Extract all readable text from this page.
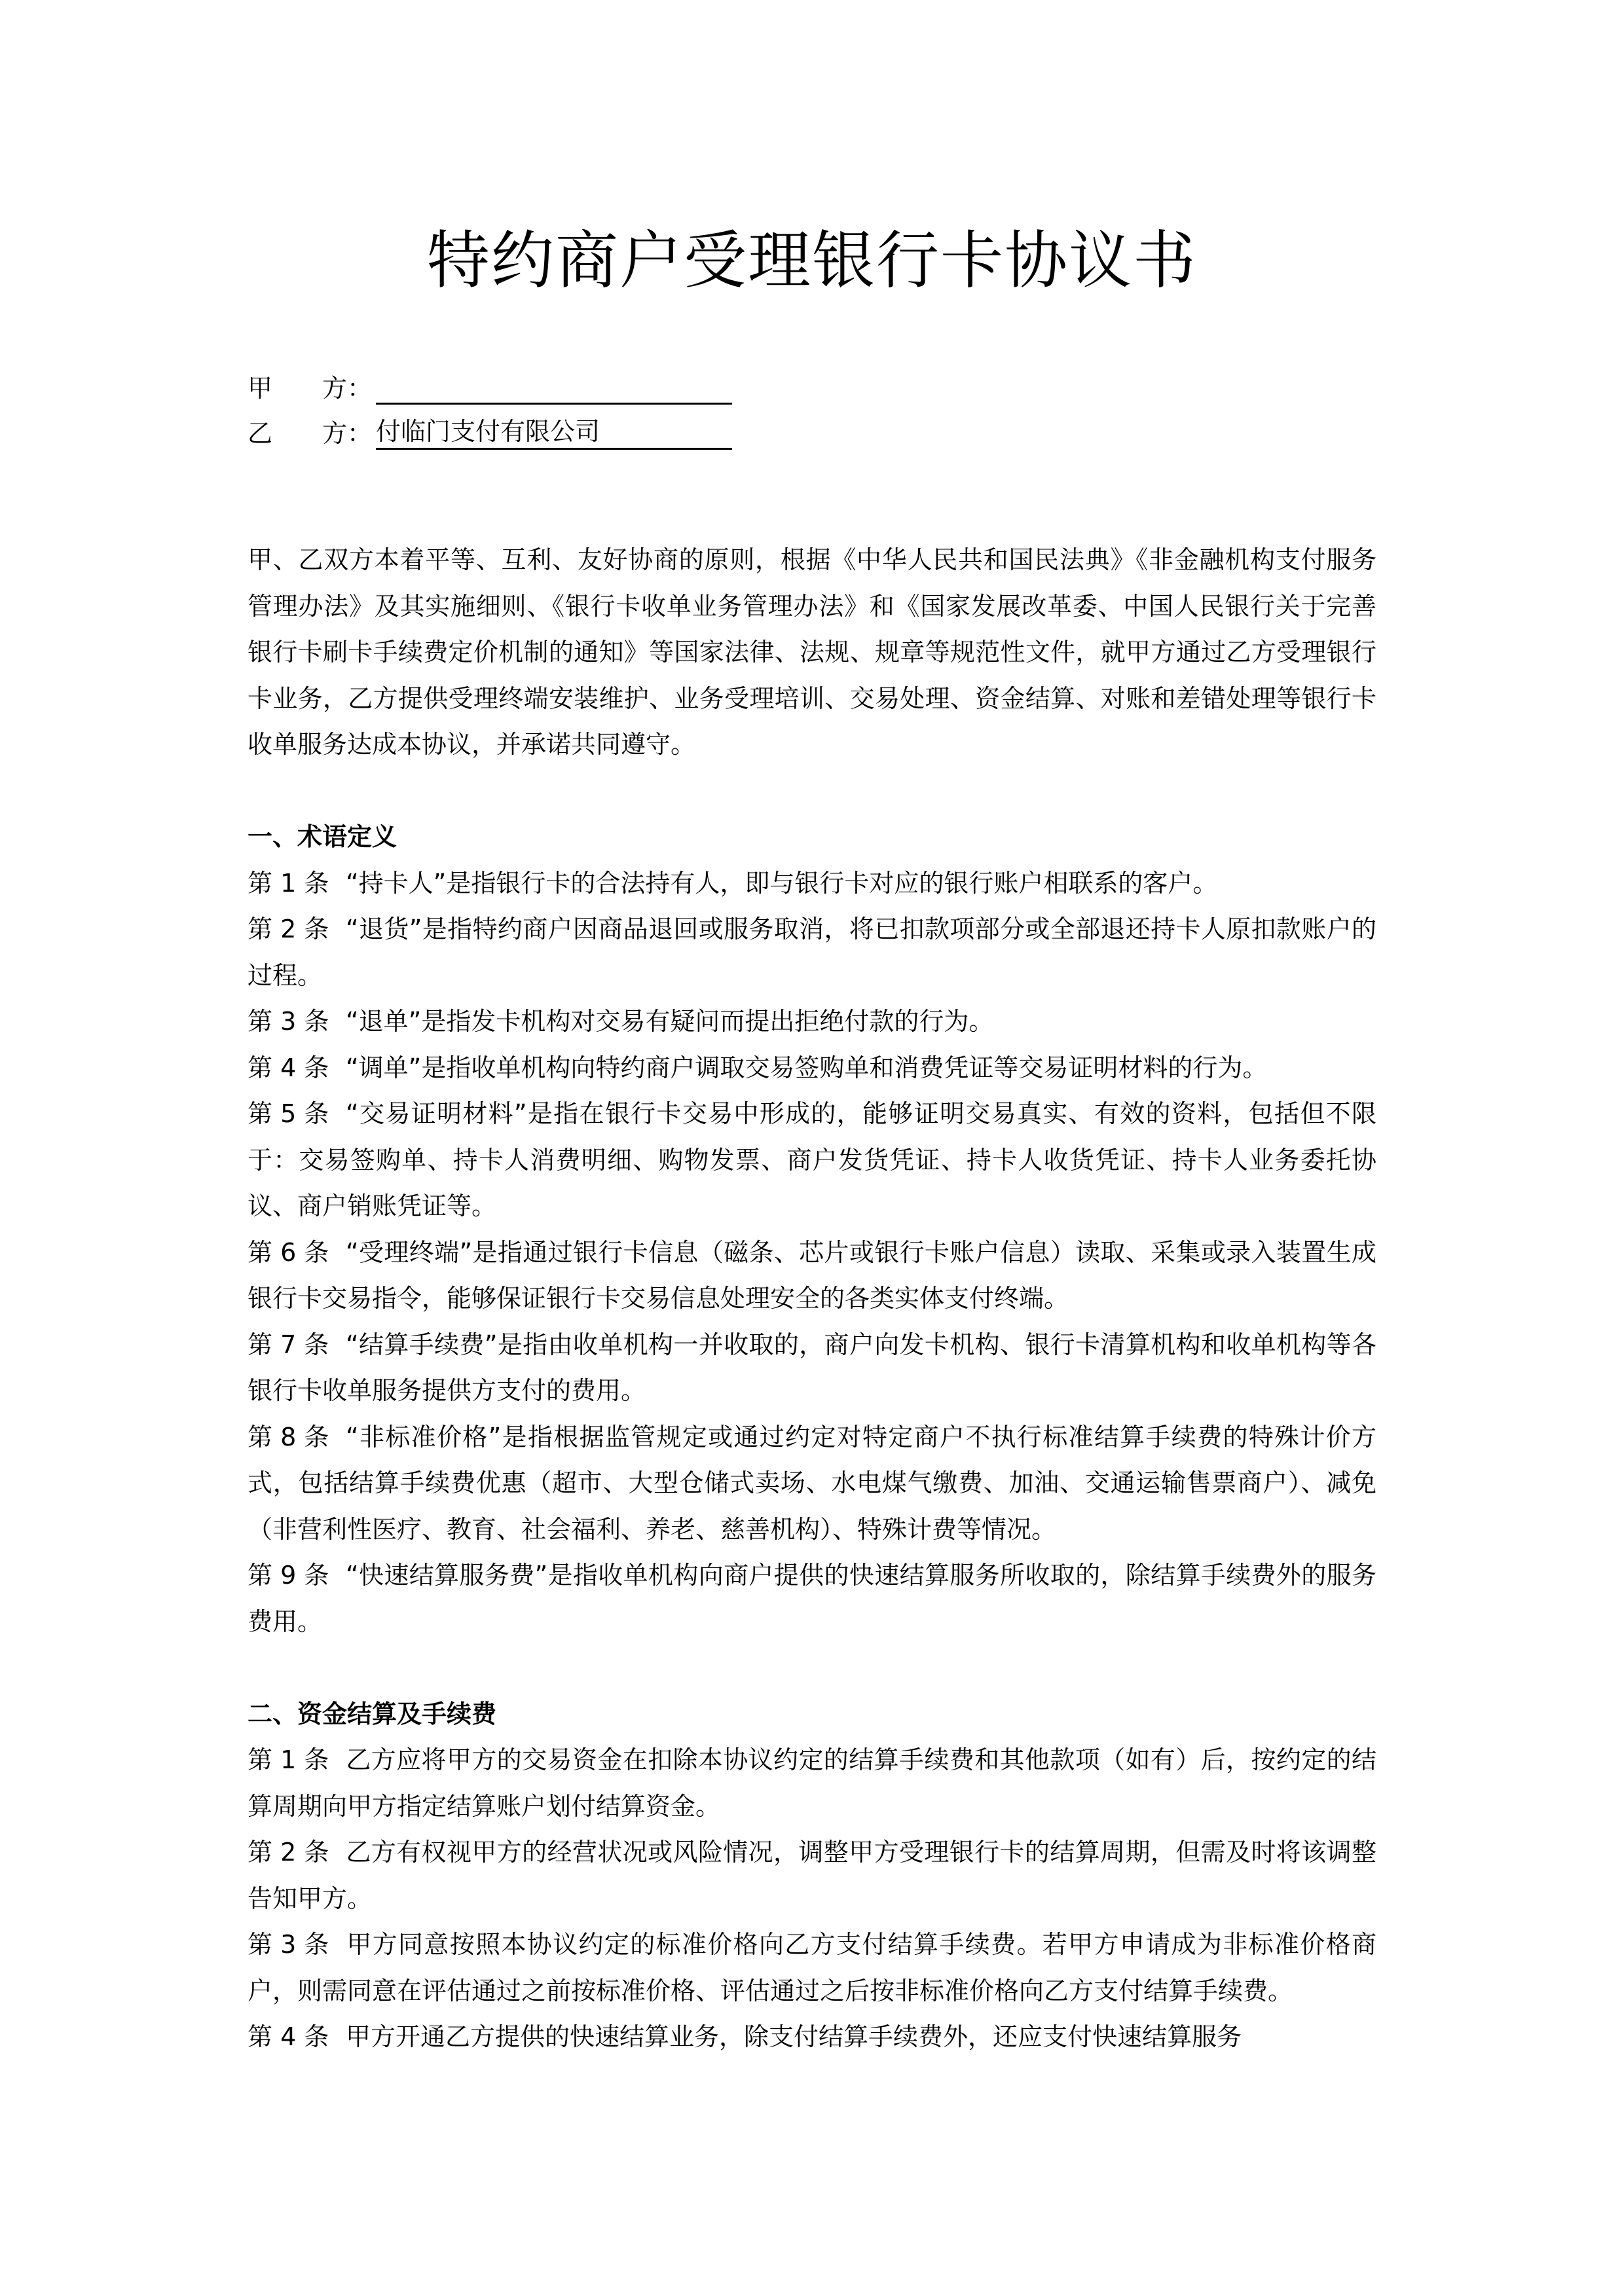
特约商户受理银行卡协议书
甲　　方：
乙　　方： 付临门支付有限公司

甲、乙双方本着平等、互利、友好协商的原则，根据《中华人民共和国民法典》《非金融机构支付服务管理办法》及其实施细则、《银行卡收单业务管理办法》和《国家发展改革委、中国人民银行关于完善银行卡刷卡手续费定价机制的通知》等国家法律、法规、规章等规范性文件，就甲方通过乙方受理银行卡业务，乙方提供受理终端安装维护、业务受理培训、交易处理、资金结算、对账和差错处理等银行卡收单服务达成本协议，并承诺共同遵守。

一、术语定义

第 1 条 “持卡人”是指银行卡的合法持有人，即与银行卡对应的银行账户相联系的客户。

第 2 条 “退货”是指特约商户因商品退回或服务取消，将已扣款项部分或全部退还持卡人原扣款账户的过程。

第 3 条 “退单”是指发卡机构对交易有疑问而提出拒绝付款的行为。

第 4 条 “调单”是指收单机构向特约商户调取交易签购单和消费凭证等交易证明材料的行为。

第 5 条 “交易证明材料”是指在银行卡交易中形成的，能够证明交易真实、有效的资料，包括但不限于：交易签购单、持卡人消费明细、购物发票、商户发货凭证、持卡人收货凭证、持卡人业务委托协议、商户销账凭证等。

第 6 条 “受理终端”是指通过银行卡信息（磁条、芯片或银行卡账户信息）读取、采集或录入装置生成银行卡交易指令，能够保证银行卡交易信息处理安全的各类实体支付终端。

第 7 条 “结算手续费”是指由收单机构一并收取的，商户向发卡机构、银行卡清算机构和收单机构等各银行卡收单服务提供方支付的费用。

第 8 条 “非标准价格”是指根据监管规定或通过约定对特定商户不执行标准结算手续费的特殊计价方式，包括结算手续费优惠（超市、大型仓储式卖场、水电煤气缴费、加油、交通运输售票商户）、减免（非营利性医疗、教育、社会福利、养老、慈善机构）、特殊计费等情况。

第 9 条 “快速结算服务费”是指收单机构向商户提供的快速结算服务所收取的，除结算手续费外的服务费用。

二、资金结算及手续费

第 1 条 乙方应将甲方的交易资金在扣除本协议约定的结算手续费和其他款项（如有）后，按约定的结算周期向甲方指定结算账户划付结算资金。

第 2 条 乙方有权视甲方的经营状况或风险情况，调整甲方受理银行卡的结算周期，但需及时将该调整告知甲方。

第 3 条 甲方同意按照本协议约定的标准价格向乙方支付结算手续费。若甲方申请成为非标准价格商户，则需同意在评估通过之前按标准价格、评估通过之后按非标准价格向乙方支付结算手续费。

第 4 条 甲方开通乙方提供的快速结算业务，除支付结算手续费外，还应支付快速结算服务
